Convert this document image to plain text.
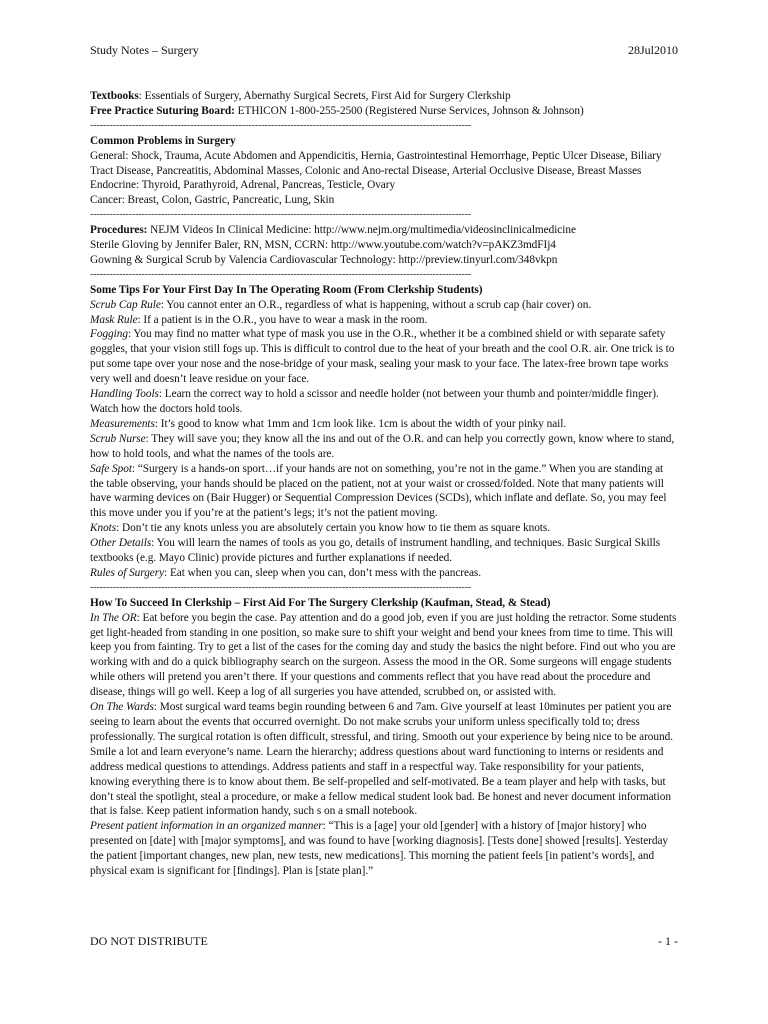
Study Notes – Surgery	28Jul2010

Textbooks: Essentials of Surgery, Abernathy Surgical Secrets, First Aid for Surgery Clerkship

Free Practice Suturing Board: ETHICON 1-800-255-2500 (Registered Nurse Services, Johnson & Johnson)

- - -

Common Problems in Surgery

General: Shock, Trauma, Acute Abdomen and Appendicitis, Hernia, Gastrointestinal Hemorrhage, Peptic Ulcer Disease, Biliary Tract Disease, Pancreatitis, Abdominal Masses, Colonic and Ano-rectal Disease, Arterial Occlusive Disease, Breast Masses

Endocrine: Thyroid, Parathyroid, Adrenal, Pancreas, Testicle, Ovary

Cancer: Breast, Colon, Gastric, Pancreatic, Lung, Skin

- - -

Procedures: NEJM Videos In Clinical Medicine: http://www.nejm.org/multimedia/videosinclinicalmedicine

Sterile Gloving by Jennifer Baler, RN, MSN, CCRN: http://www.youtube.com/watch?v=pAKZ3mdFIj4

Gowning & Surgical Scrub by Valencia Cardiovascular Technology: http://preview.tinyurl.com/348vkpn

- - -

Some Tips For Your First Day In The Operating Room (From Clerkship Students)

Scrub Cap Rule: You cannot enter an O.R., regardless of what is happening, without a scrub cap (hair cover) on.

Mask Rule: If a patient is in the O.R., you have to wear a mask in the room.

Fogging: You may find no matter what type of mask you use in the O.R., whether it be a combined shield or with separate safety goggles, that your vision still fogs up. This is difficult to control due to the heat of your breath and the cool O.R. air. One trick is to put some tape over your nose and the nose-bridge of your mask, sealing your mask to your face. The latex-free brown tape works very well and doesn’t leave residue on your face.

Handling Tools: Learn the correct way to hold a scissor and needle holder (not between your thumb and pointer/middle finger). Watch how the doctors hold tools.

Measurements: It’s good to know what 1mm and 1cm look like. 1cm is about the width of your pinky nail.

Scrub Nurse: They will save you; they know all the ins and out of the O.R. and can help you correctly gown, know where to stand, how to hold tools, and what the names of the tools are.

Safe Spot: “Surgery is a hands-on sport…if your hands are not on something, you’re not in the game.” When you are standing at the table observing, your hands should be placed on the patient, not at your waist or crossed/folded. Note that many patients will have warming devices on (Bair Hugger) or Sequential Compression Devices (SCDs), which inflate and deflate. So, you may feel this move under you if you’re at the patient’s legs; it’s not the patient moving.

Knots: Don’t tie any knots unless you are absolutely certain you know how to tie them as square knots.

Other Details: You will learn the names of tools as you go, details of instrument handling, and techniques. Basic Surgical Skills textbooks (e.g. Mayo Clinic) provide pictures and further explanations if needed.

Rules of Surgery: Eat when you can, sleep when you can, don’t mess with the pancreas.

- - -

How To Succeed In Clerkship – First Aid For The Surgery Clerkship (Kaufman, Stead, & Stead)

In The OR: Eat before you begin the case. Pay attention and do a good job, even if you are just holding the retractor. Some students get light-headed from standing in one position, so make sure to shift your weight and bend your knees from time to time. This will keep you from fainting. Try to get a list of the cases for the coming day and study the basics the night before. Find out who you are working with and do a quick bibliography search on the surgeon. Assess the mood in the OR. Some surgeons will engage students while others will pretend you aren’t there. If your questions and comments reflect that you have read about the procedure and disease, things will go well. Keep a log of all surgeries you have attended, scrubbed on, or assisted with.

On The Wards: Most surgical ward teams begin rounding between 6 and 7am. Give yourself at least 10minutes per patient you are seeing to learn about the events that occurred overnight. Do not make scrubs your uniform unless specifically told to; dress professionally. The surgical rotation is often difficult, stressful, and tiring. Smooth out your experience by being nice to be around. Smile a lot and learn everyone’s name. Learn the hierarchy; address questions about ward functioning to interns or residents and address medical questions to attendings. Address patients and staff in a respectful way. Take responsibility for your patients, knowing everything there is to know about them. Be self-propelled and self-motivated. Be a team player and help with tasks, but don’t steal the spotlight, steal a procedure, or make a fellow medical student look bad. Be honest and never document information that is false. Keep patient information handy, such s on a small notebook.

Present patient information in an organized manner: “This is a [age] your old [gender] with a history of [major history] who presented on [date] with [major symptoms], and was found to have [working diagnosis]. [Tests done] showed [results]. Yesterday the patient [important changes, new plan, new tests, new medications]. This morning the patient feels [in patient’s words], and physical exam is significant for [findings]. Plan is [state plan].”

DO NOT DISTRIBUTE	- 1 -
